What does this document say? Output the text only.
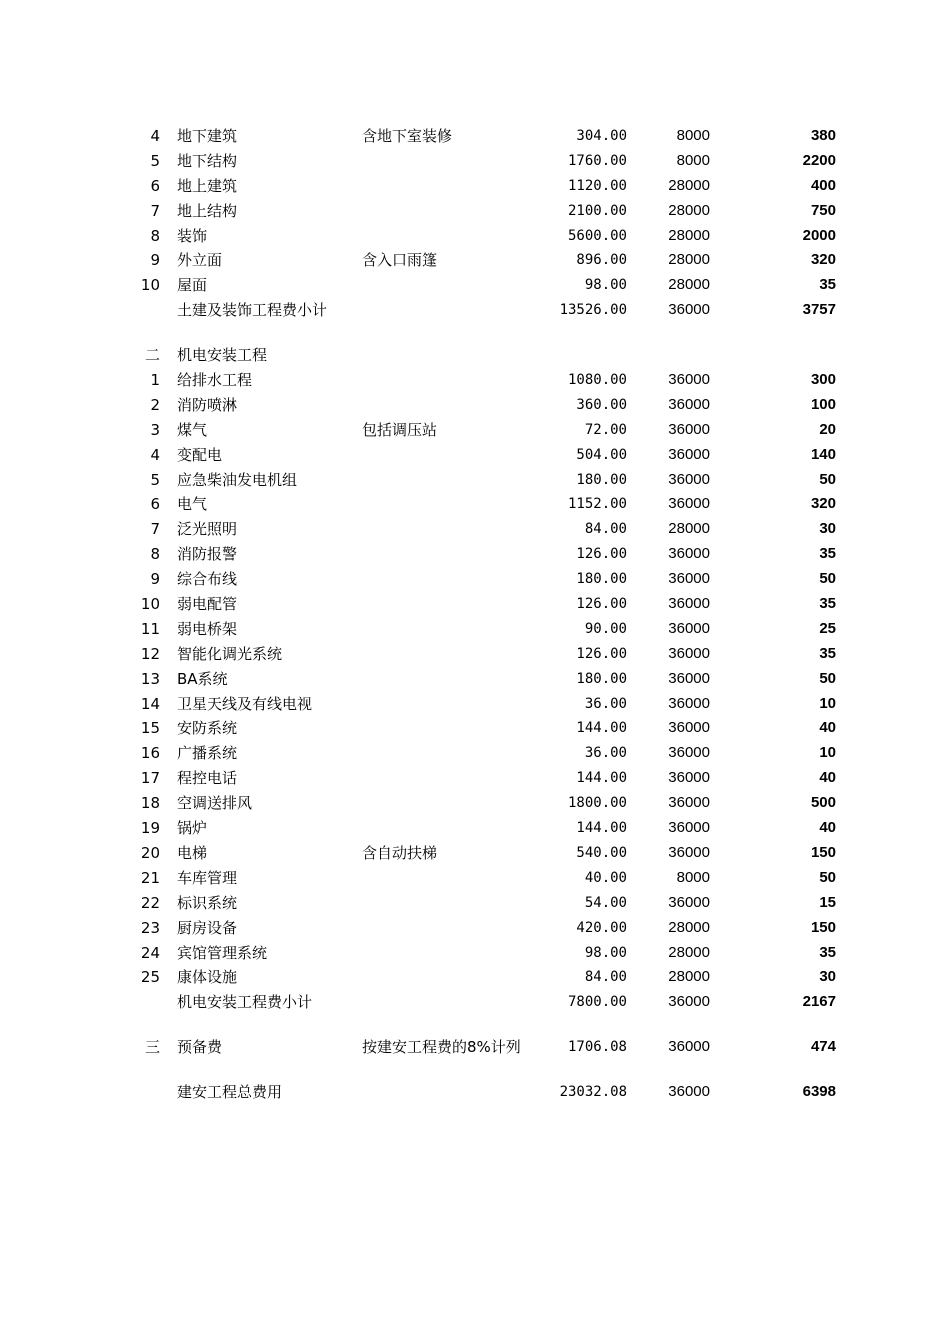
4 地下建筑	含地下室装修	304.00	8000	380
5 地下结构	1760.00	8000	2200
6 地上建筑	1120.00	28000	400
7 地上结构	2100.00	28000	750
8 装饰	5600.00	28000	2000
9 外立面	含入口雨篷	896.00	28000	320
10 屋面	98.00	28000	35
土建及装饰工程费小计	13526.00	36000	3757
二 机电安装工程
1 给排水工程	1080.00	36000	300
2 消防喷淋	360.00	36000	100
3 煤气	包括调压站	72.00	36000	20
4 变配电	504.00	36000	140
5 应急柴油发电机组	180.00	36000	50
6 电气	1152.00	36000	320
7 泛光照明	84.00	28000	30
8 消防报警	126.00	36000	35
9 综合布线	180.00	36000	50
10 弱电配管	126.00	36000	35
11 弱电桥架	90.00	36000	25
12 智能化调光系统	126.00	36000	35
13 BA系统	180.00	36000	50
14 卫星天线及有线电视	36.00	36000	10
15 安防系统	144.00	36000	40
16 广播系统	36.00	36000	10
17 程控电话	144.00	36000	40
18 空调送排风	1800.00	36000	500
19 锅炉	144.00	36000	40
20 电梯	含自动扶梯	540.00	36000	150
21 车库管理	40.00	8000	50
22 标识系统	54.00	36000	15
23 厨房设备	420.00	28000	150
24 宾馆管理系统	98.00	28000	35
25 康体设施	84.00	28000	30
机电安装工程费小计	7800.00	36000	2167
三 预备费	按建安工程费的8%计列	1706.08	36000	474
建安工程总费用	23032.08	36000	6398
